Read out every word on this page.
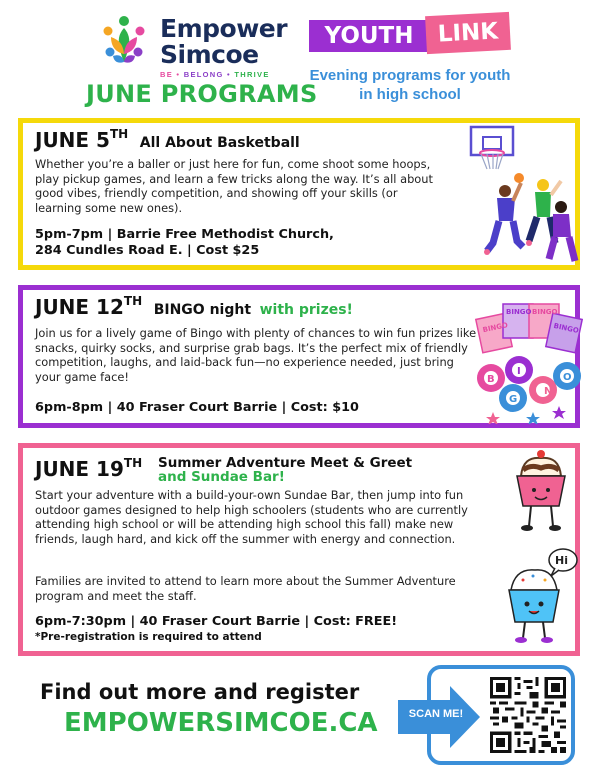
Empower
Simcoe
BE • BELONG • THRIVE
JUNE PROGRAMS
YOUTH	LINK
Evening programs for youth in high school
JUNE 5TH All About Basketball
Whether you’re a baller or just here for fun, come shoot some hoops, play pickup games, and learn a few tricks along the way. It’s all about good vibes, friendly competition, and showing off your skills (or learning some new ones).
5pm-7pm | Barrie Free Methodist Church,
284 Cundles Road E. | Cost $25
JUNE 12TH BINGO night with prizes!
Join us for a lively game of Bingo with plenty of chances to win fun prizes like snacks, quirky socks, and surprise grab bags. It’s the perfect mix of friendly competition, laughs, and laid-back fun—no experience needed, just bring your game face!
6pm-8pm | 40 Fraser Court Barrie | Cost: $10
BINGO
BINGO BINGO
BINGO
B
I
N
G
O
JUNE 19TH Summer Adventure Meet & Greet
and Sundae Bar!
Start your adventure with a build-your-own Sundae Bar, then jump into fun outdoor games designed to help high schoolers (students who are currently attending high school or will be attending high school this fall) make new friends, laugh hard, and kick off the summer with energy and connection.
Families are invited to attend to learn more about the Summer Adventure program and meet the staff.
6pm-7:30pm | 40 Fraser Court Barrie | Cost: FREE!
*Pre-registration is required to attend
Hi
Find out more and register
EMPOWERSIMCOE.CA	SCAN ME!
